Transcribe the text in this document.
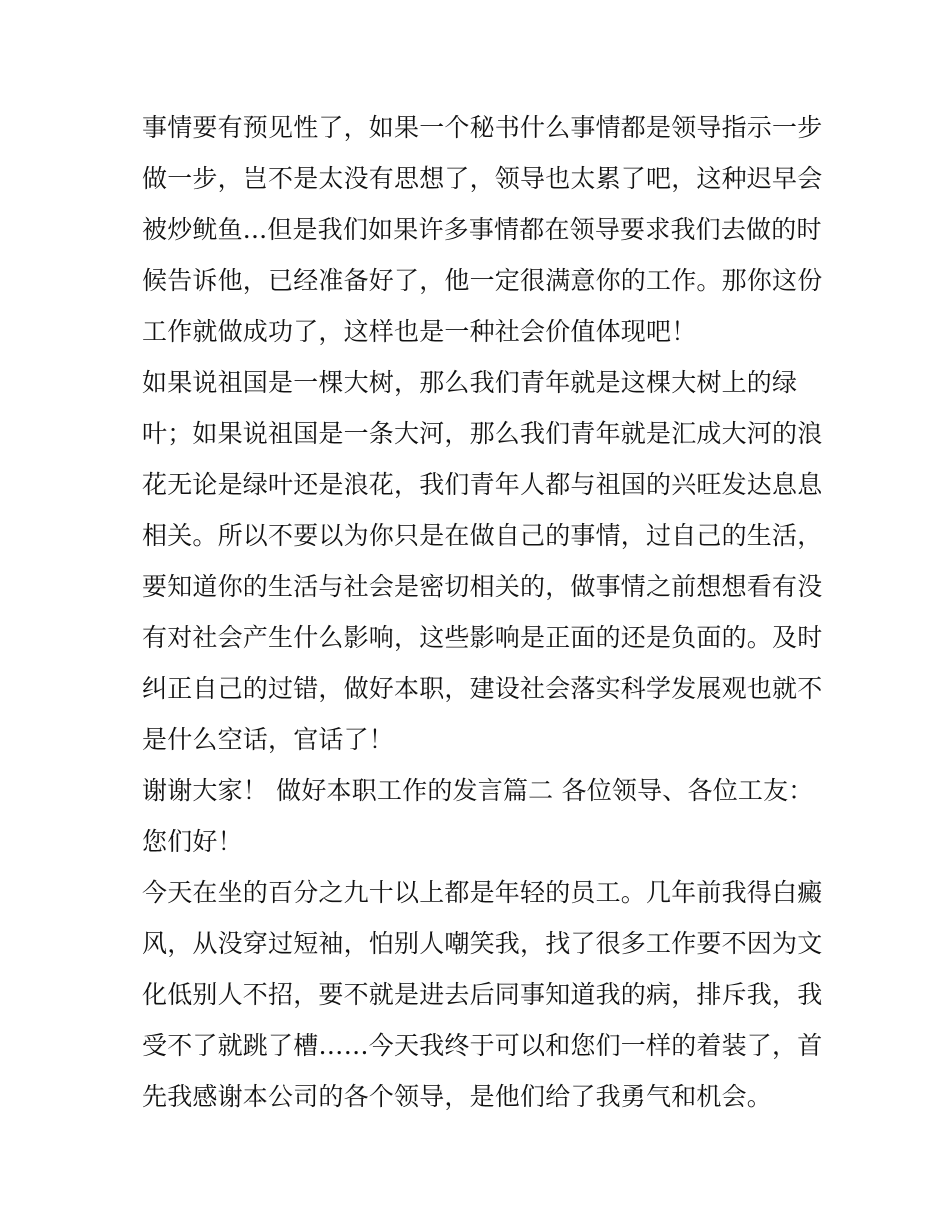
事情要有预见性了，如果一个秘书什么事情都是领导指示一步

做一步，岂不是太没有思想了，领导也太累了吧，这种迟早会

被炒鱿鱼...但是我们如果许多事情都在领导要求我们去做的时

候告诉他，已经准备好了，他一定很满意你的工作。那你这份

工作就做成功了，这样也是一种社会价值体现吧！

如果说祖国是一棵大树，那么我们青年就是这棵大树上的绿

叶；如果说祖国是一条大河，那么我们青年就是汇成大河的浪

花无论是绿叶还是浪花，我们青年人都与祖国的兴旺发达息息

相关。所以不要以为你只是在做自己的事情，过自己的生活，

要知道你的生活与社会是密切相关的，做事情之前想想看有没

有对社会产生什么影响，这些影响是正面的还是负面的。及时

纠正自己的过错，做好本职，建设社会落实科学发展观也就不

是什么空话，官话了！

谢谢大家！ 做好本职工作的发言篇二 各位领导、各位工友：

您们好！

今天在坐的百分之九十以上都是年轻的员工。几年前我得白癜

风，从没穿过短袖，怕别人嘲笑我，找了很多工作要不因为文

化低别人不招，要不就是进去后同事知道我的病，排斥我，我

受不了就跳了槽……今天我终于可以和您们一样的着装了，首

先我感谢本公司的各个领导，是他们给了我勇气和机会。
